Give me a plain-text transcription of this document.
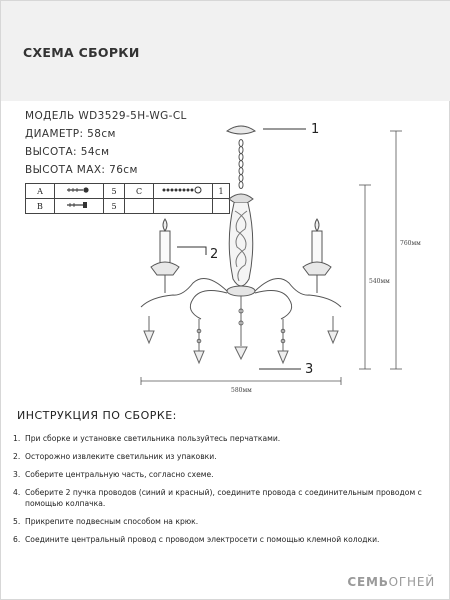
СХЕМА СБОРКИ
МОДЕЛЬ WD3529-5H-WG-CL
ДИАМЕТР: 58см
ВЫСОТА: 54см
ВЫСОТА MAX: 76см
A		5	C		1
B		5			
1
2
3
580мм
540мм
760мм
ИНСТРУКЦИЯ ПО СБОРКЕ:
1. При сборке и установке светильника пользуйтесь перчатками.
2. Осторожно извлеките светильник из упаковки.
3. Соберите центральную часть, согласно схеме.
4. Соберите 2 пучка проводов (синий и красный), соедините провода с соединительным проводом с помощью колпачка.
5. Прикрепите подвесным способом на крюк.
6. Соедините центральный провод с проводом электросети с помощью клемной колодки.
СЕМЬОГНЕЙ
